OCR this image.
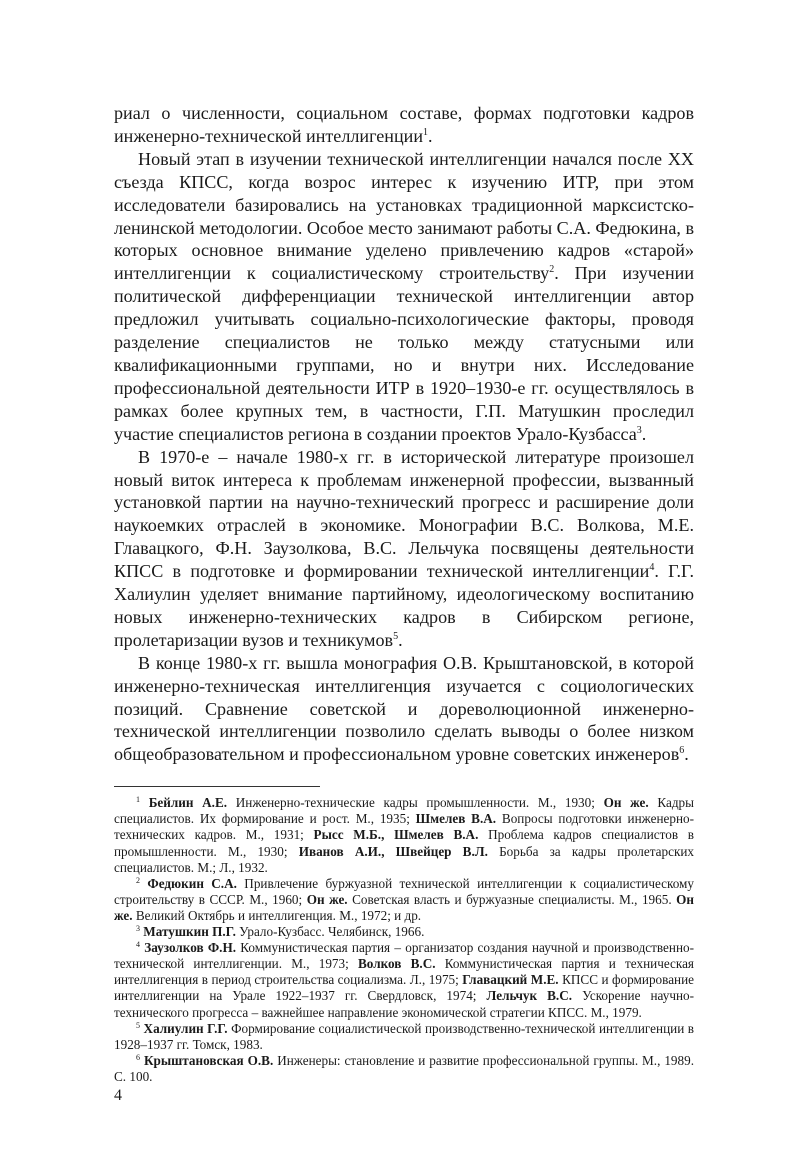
риал о численности, социальном составе, формах подготовки кадров инженерно-технической интеллигенции$^1$.

Новый этап в изучении технической интеллигенции начался после XX съезда КПСС, когда возрос интерес к изучению ИТР, при этом исследователи базировались на установках традиционной марксистско-ленинской методологии. Особое место занимают работы С.А. Федюкина, в которых основное внимание уделено привлечению кадров «старой» интеллигенции к социалистическому строительству$^2$. При изучении политической дифференциации технической интеллигенции автор предложил учитывать социально-психологические факторы, проводя разделение специалистов не только между статусными или квалификационными группами, но и внутри них. Исследование профессиональной деятельности ИТР в 1920–1930-е гг. осуществлялось в рамках более крупных тем, в частности, Г.П. Матушкин проследил участие специалистов региона в создании проектов Урало-Кузбасса$^3$.

В 1970-е – начале 1980-х гг. в исторической литературе произошел новый виток интереса к проблемам инженерной профессии, вызванный установкой партии на научно-технический прогресс и расширение доли наукоемких отраслей в экономике. Монографии В.С. Волкова, М.Е. Главацкого, Ф.Н. Заузолкова, В.С. Лельчука посвящены деятельности КПСС в подготовке и формировании технической интеллигенции$^4$. Г.Г. Халиулин уделяет внимание партийному, идеологическому воспитанию новых инженерно-технических кадров в Сибирском регионе, пролетаризации вузов и техникумов$^5$.

В конце 1980-х гг. вышла монография О.В. Крыштановской, в которой инженерно-техническая интеллигенция изучается с социологических позиций. Сравнение советской и дореволюционной инженерно-технической интеллигенции позволило сделать выводы о более низком общеобразовательном и профессиональном уровне советских инженеров$^6$.

$^1$ Бейлин А.Е. Инженерно-технические кадры промышленности. М., 1930; Он же. Кадры специалистов. Их формирование и рост. М., 1935; Шмелев В.А. Вопросы подготовки инженерно-технических кадров. М., 1931; Рысс М.Б., Шмелев В.А. Проблема кадров специалистов в промышленности. М., 1930; Иванов А.И., Швейцер В.Л. Борьба за кадры пролетарских специалистов. М.; Л., 1932.

$^2$ Федюкин С.А. Привлечение буржуазной технической интеллигенции к социалистическому строительству в СССР. М., 1960; Он же. Советская власть и буржуазные специалисты. М., 1965. Он же. Великий Октябрь и интеллигенция. М., 1972; и др.

$^3$ Матушкин П.Г. Урало-Кузбасс. Челябинск, 1966.

$^4$ Заузолков Ф.Н. Коммунистическая партия – организатор создания научной и производственно-технической интеллигенции. М., 1973; Волков В.С. Коммунистическая партия и техническая интеллигенция в период строительства социализма. Л., 1975; Главацкий М.Е. КПСС и формирование интеллигенции на Урале 1922–1937 гг. Свердловск, 1974; Лельчук В.С. Ускорение научно-технического прогресса – важнейшее направление экономической стратегии КПСС. М., 1979.

$^5$ Халиулин Г.Г. Формирование социалистической производственно-технической интеллигенции в 1928–1937 гг. Томск, 1983.

$^6$ Крыштановская О.В. Инженеры: становление и развитие профессиональной группы. М., 1989. С. 100.

4
